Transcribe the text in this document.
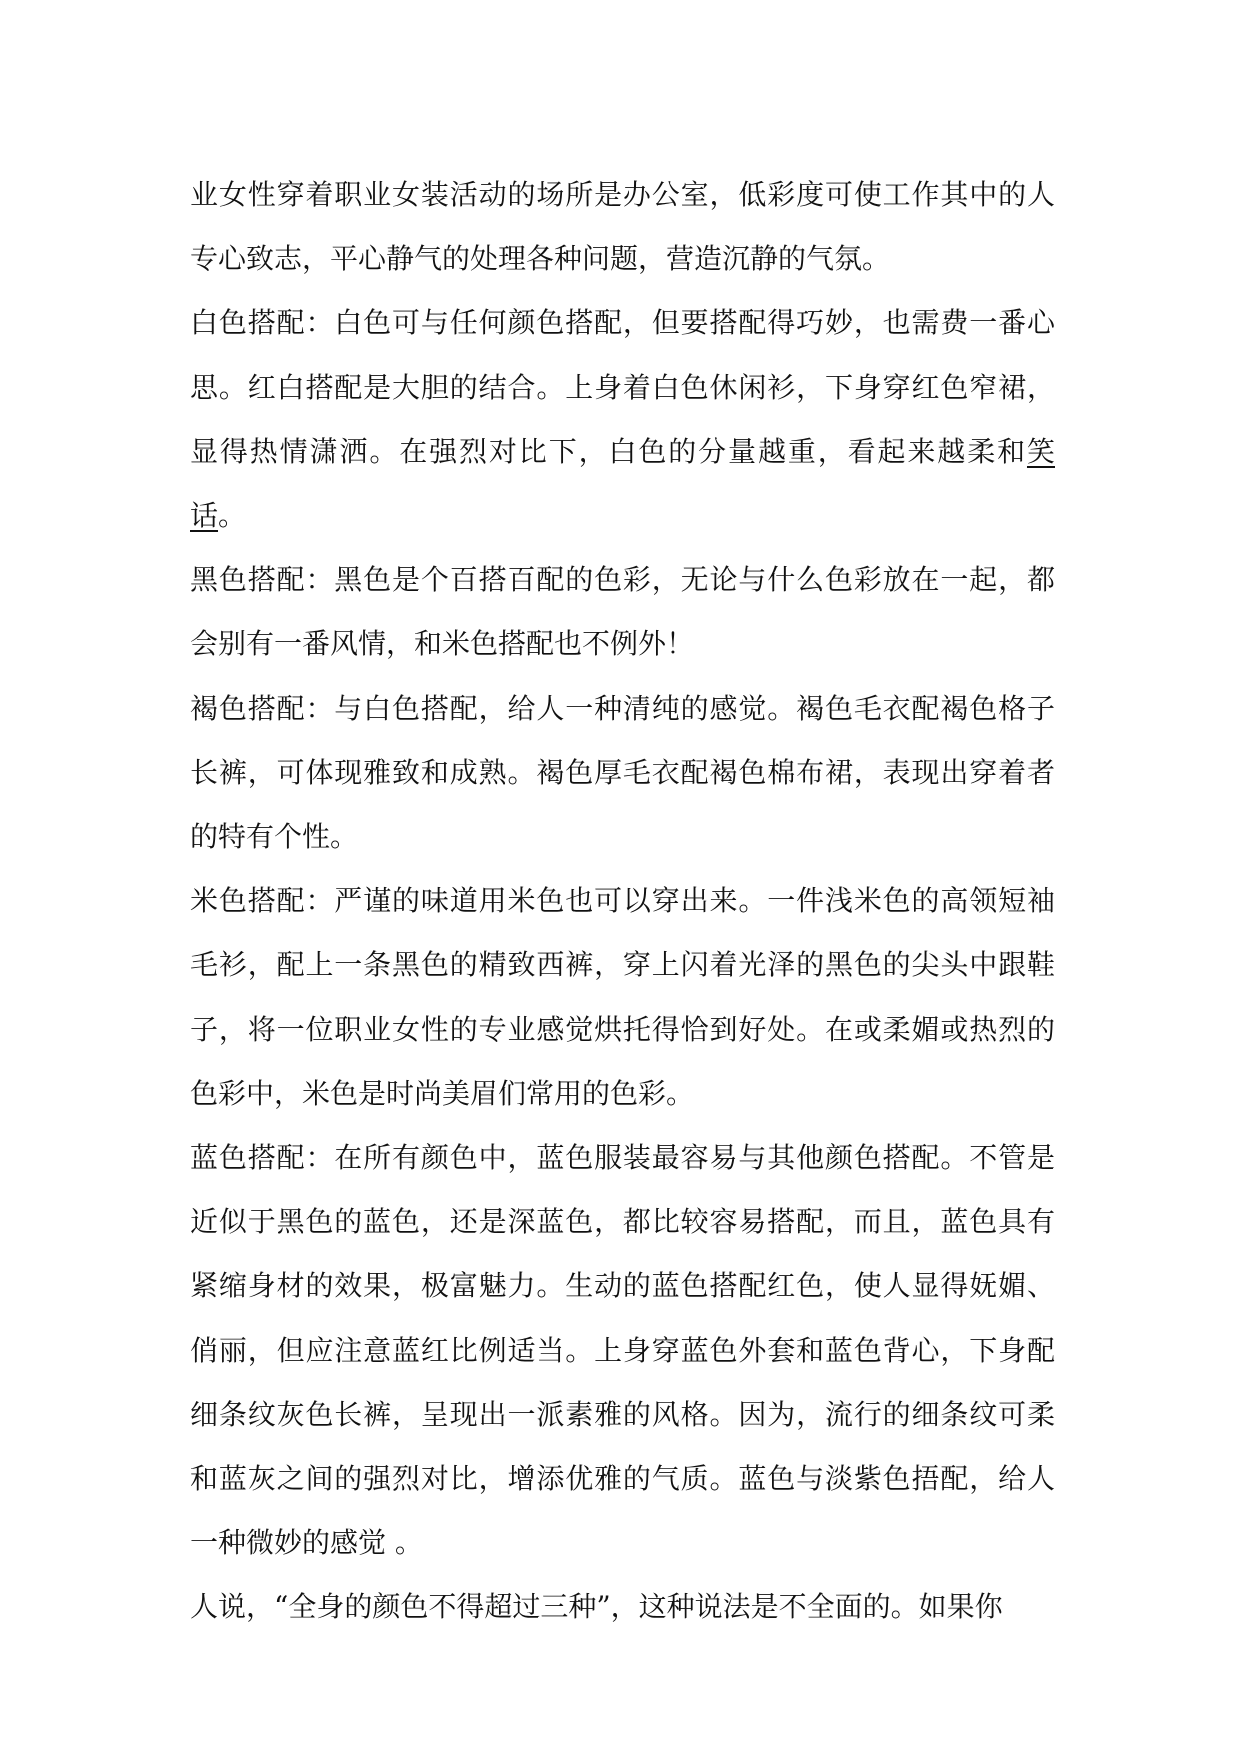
业女性穿着职业女装活动的场所是办公室，低彩度可使工作其中的人专心致志，平心静气的处理各种问题，营造沉静的气氛。

白色搭配：白色可与任何颜色搭配，但要搭配得巧妙，也需费一番心思。红白搭配是大胆的结合。上身着白色休闲衫，下身穿红色窄裙，显得热情潇洒。在强烈对比下，白色的分量越重，看起来越柔和笑话。

黑色搭配：黑色是个百搭百配的色彩，无论与什么色彩放在一起，都会别有一番风情，和米色搭配也不例外！

褐色搭配：与白色搭配，给人一种清纯的感觉。褐色毛衣配褐色格子长裤，可体现雅致和成熟。褐色厚毛衣配褐色棉布裙，表现出穿着者的特有个性。

米色搭配：严谨的味道用米色也可以穿出来。一件浅米色的高领短袖毛衫，配上一条黑色的精致西裤，穿上闪着光泽的黑色的尖头中跟鞋子，将一位职业女性的专业感觉烘托得恰到好处。在或柔媚或热烈的色彩中，米色是时尚美眉们常用的色彩。

蓝色搭配：在所有颜色中，蓝色服装最容易与其他颜色搭配。不管是近似于黑色的蓝色，还是深蓝色，都比较容易搭配，而且，蓝色具有紧缩身材的效果，极富魅力。生动的蓝色搭配红色，使人显得妩媚、俏丽，但应注意蓝红比例适当。上身穿蓝色外套和蓝色背心，下身配细条纹灰色长裤，呈现出一派素雅的风格。因为，流行的细条纹可柔和蓝灰之间的强烈对比，增添优雅的气质。蓝色与淡紫色捂配，给人一种微妙的感觉 。

人说，“全身的颜色不得超过三种”，这种说法是不全面的。如果你
